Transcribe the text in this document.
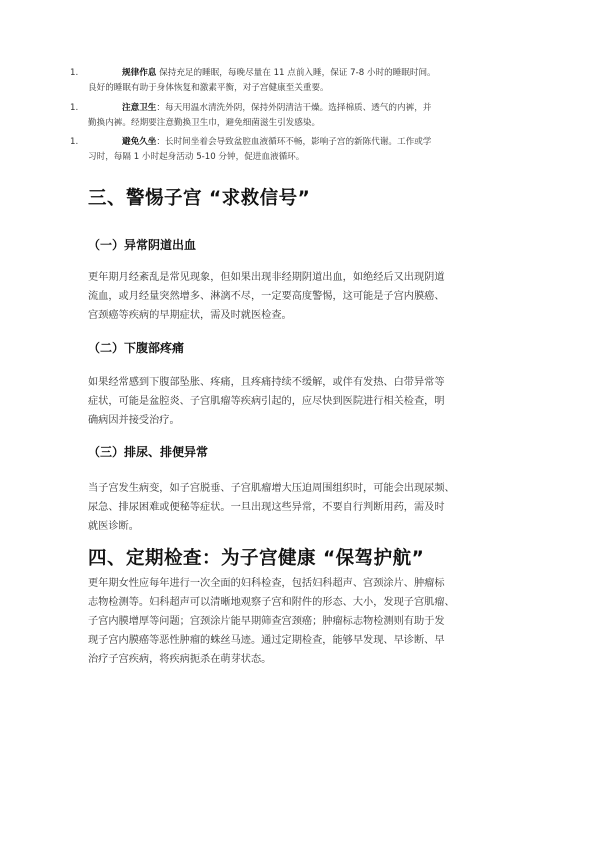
1.	规律作息 保持充足的睡眠，每晚尽量在 11 点前入睡，保证 7-8 小时的睡眠时间。

良好的睡眠有助于身体恢复和激素平衡，对子宫健康至关重要。

1.	注意卫生：每天用温水清洗外阴，保持外阴清洁干燥。选择棉质、透气的内裤，并

勤换内裤。经期要注意勤换卫生巾，避免细菌滋生引发感染。

1.	避免久坐：长时间坐着会导致盆腔血液循环不畅，影响子宫的新陈代谢。工作或学

习时，每隔 1 小时起身活动 5-10 分钟，促进血液循环。

三、警惕子宫 “求救信号”
（一）异常阴道出血

更年期月经紊乱是常见现象，但如果出现非经期阴道出血，如绝经后又出现阴道

流血，或月经量突然增多、淋漓不尽，一定要高度警惕，这可能是子宫内膜癌、

宫颈癌等疾病的早期症状，需及时就医检查。

（二）下腹部疼痛

如果经常感到下腹部坠胀、疼痛，且疼痛持续不缓解，或伴有发热、白带异常等

症状，可能是盆腔炎、子宫肌瘤等疾病引起的，应尽快到医院进行相关检查，明

确病因并接受治疗。

（三）排尿、排便异常

当子宫发生病变，如子宫脱垂、子宫肌瘤增大压迫周围组织时，可能会出现尿频、

尿急、排尿困难或便秘等症状。一旦出现这些异常，不要自行判断用药，需及时

就医诊断。

四、定期检查：为子宫健康 “保驾护航”

更年期女性应每年进行一次全面的妇科检查，包括妇科超声、宫颈涂片、肿瘤标

志物检测等。妇科超声可以清晰地观察子宫和附件的形态、大小，发现子宫肌瘤、

子宫内膜增厚等问题；宫颈涂片能早期筛查宫颈癌；肿瘤标志物检测则有助于发

现子宫内膜癌等恶性肿瘤的蛛丝马迹。通过定期检查，能够早发现、早诊断、早

治疗子宫疾病，将疾病扼杀在萌芽状态。
